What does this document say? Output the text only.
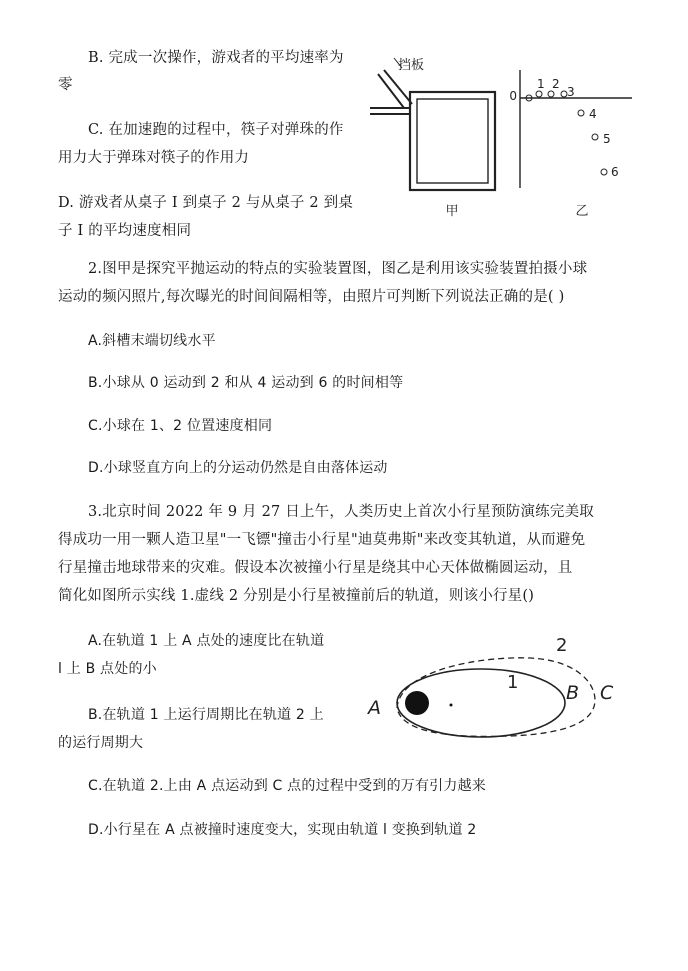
B. 完成一次操作，游戏者的平均速率为
零
C. 在加速跑的过程中，筷子对弹珠的作
用力大于弹珠对筷子的作用力
D. 游戏者从桌子 I 到桌子 2 与从桌子 2 到桌
子 I 的平均速度相同
挡板
甲
0
1 2
3
4
5
6
乙
2.图甲是探究平抛运动的特点的实验装置图，图乙是利用该实验装置拍摄小球
运动的频闪照片,每次曝光的时间间隔相等，由照片可判断下列说法正确的是( )
A.斜槽末端切线水平
B.小球从 0 运动到 2 和从 4 运动到 6 的时间相等
C.小球在 1、2 位置速度相同
D.小球竖直方向上的分运动仍然是自由落体运动
3.北京时间 2022 年 9 月 27 日上午，人类历史上首次小行星预防演练完美取
得成功一用一颗人造卫星"一飞镖"撞击小行星"迪莫弗斯"来改变其轨道，从而避免
行星撞击地球带来的灾难。假设本次被撞小行星是绕其中心天体做椭圆运动，且
简化如图所示实线 1.虚线 2 分别是小行星被撞前后的轨道，则该小行星()
A.在轨道 1 上 A 点处的速度比在轨道
l 上 B 点处的小
B.在轨道 1 上运行周期比在轨道 2 上
的运行周期大
C.在轨道 2.上由 A 点运动到 C 点的过程中受到的万有引力越来
D.小行星在 A 点被撞时速度变大，实现由轨道 l 变换到轨道 2
A
B C
1
2
